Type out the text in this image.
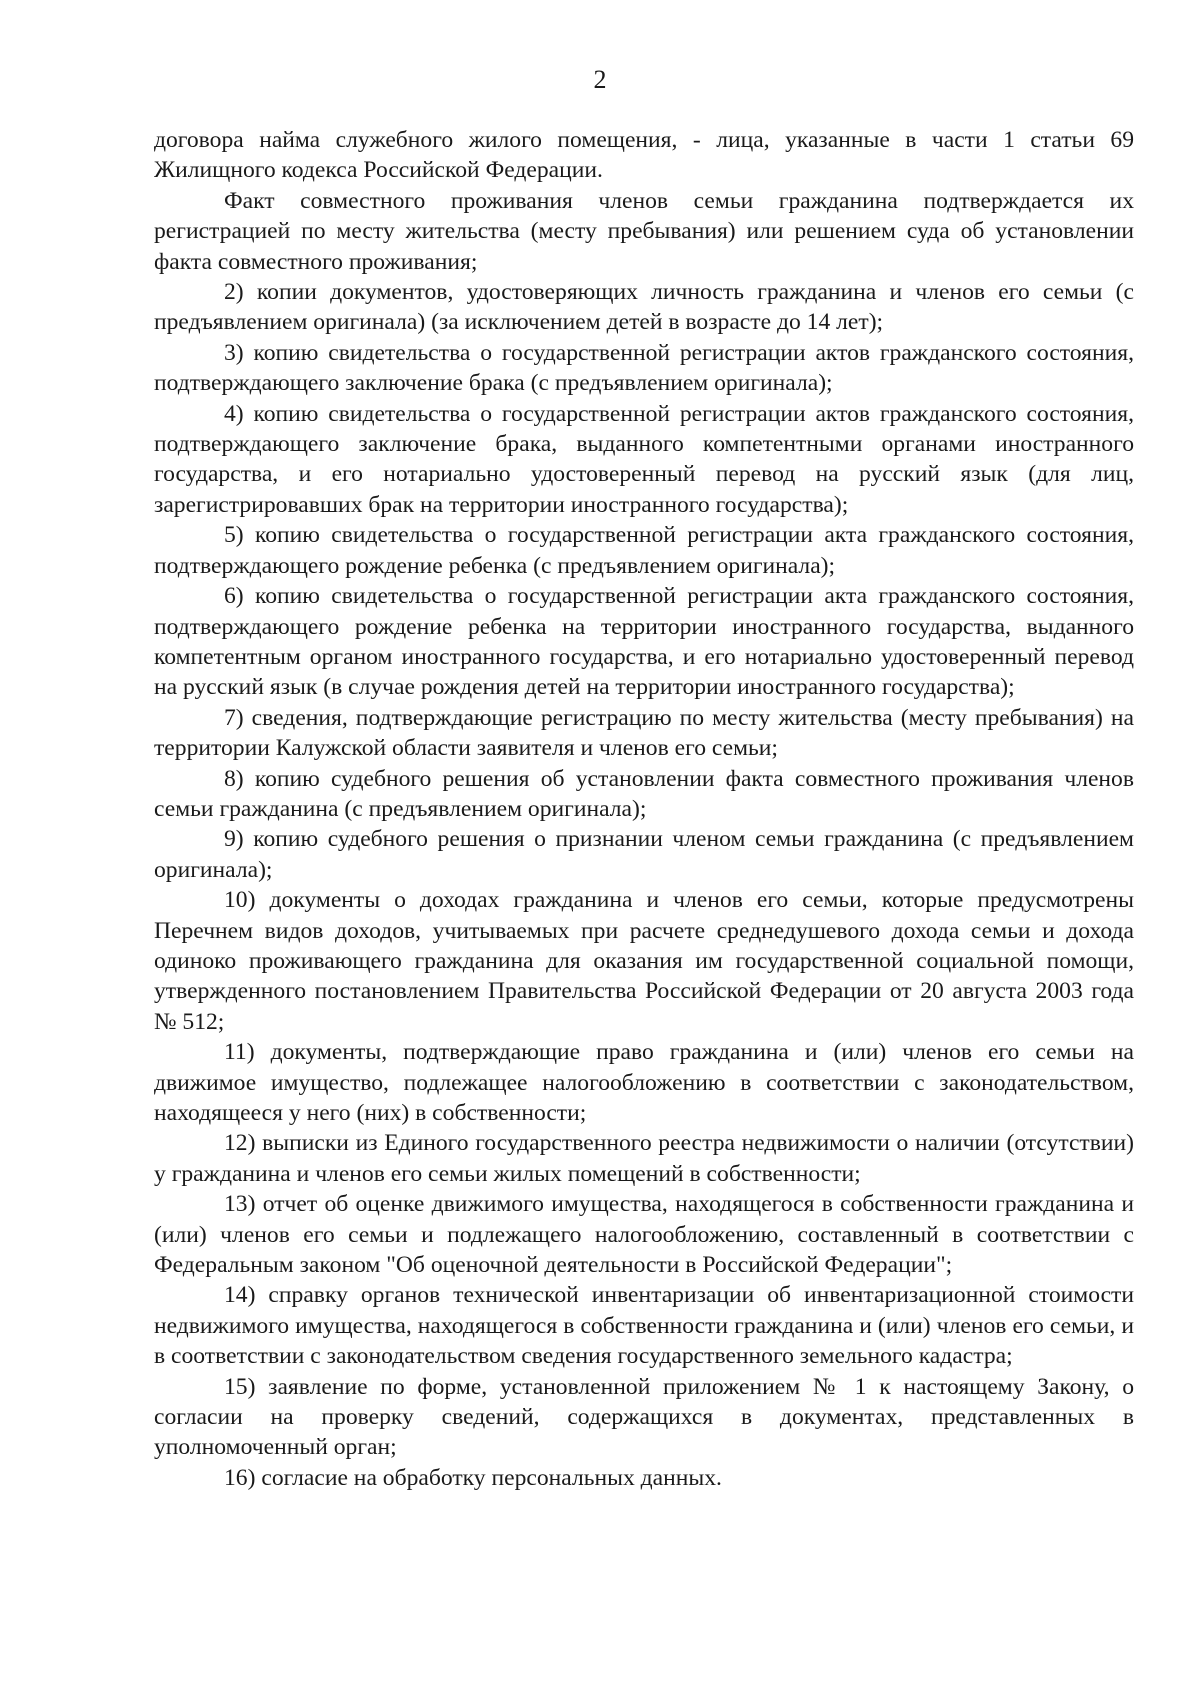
2

договора найма служебного жилого помещения, - лица, указанные в части 1 статьи 69 Жилищного кодекса Российской Федерации.

Факт совместного проживания членов семьи гражданина подтверждается их регистрацией по месту жительства (месту пребывания) или решением суда об установлении факта совместного проживания;

2) копии документов, удостоверяющих личность гражданина и членов его семьи (с предъявлением оригинала) (за исключением детей в возрасте до 14 лет);

3) копию свидетельства о государственной регистрации актов гражданского состояния, подтверждающего заключение брака (с предъявлением оригинала);

4) копию свидетельства о государственной регистрации актов гражданского состояния, подтверждающего заключение брака, выданного компетентными органами иностранного государства, и его нотариально удостоверенный перевод на русский язык (для лиц, зарегистрировавших брак на территории иностранного государства);

5) копию свидетельства о государственной регистрации акта гражданского состояния, подтверждающего рождение ребенка (с предъявлением оригинала);

6) копию свидетельства о государственной регистрации акта гражданского состояния, подтверждающего рождение ребенка на территории иностранного государства, выданного компетентным органом иностранного государства, и его нотариально удостоверенный перевод на русский язык (в случае рождения детей на территории иностранного государства);

7) сведения, подтверждающие регистрацию по месту жительства (месту пребывания) на территории Калужской области заявителя и членов его семьи;

8) копию судебного решения об установлении факта совместного проживания членов семьи гражданина (с предъявлением оригинала);

9) копию судебного решения о признании членом семьи гражданина (с предъявлением оригинала);

10) документы о доходах гражданина и членов его семьи, которые предусмотрены Перечнем видов доходов, учитываемых при расчете среднедушевого дохода семьи и дохода одиноко проживающего гражданина для оказания им государственной социальной помощи, утвержденного постановлением Правительства Российской Федерации от 20 августа 2003 года № 512;

11) документы, подтверждающие право гражданина и (или) членов его семьи на движимое имущество, подлежащее налогообложению в соответствии с законодательством, находящееся у него (них) в собственности;

12) выписки из Единого государственного реестра недвижимости о наличии (отсутствии) у гражданина и членов его семьи жилых помещений в собственности;

13) отчет об оценке движимого имущества, находящегося в собственности гражданина и (или) членов его семьи и подлежащего налогообложению, составленный в соответствии с Федеральным законом "Об оценочной деятельности в Российской Федерации";

14) справку органов технической инвентаризации об инвентаризационной стоимости недвижимого имущества, находящегося в собственности гражданина и (или) членов его семьи, и в соответствии с законодательством сведения государственного земельного кадастра;

15) заявление по форме, установленной приложением № 1 к настоящему Закону, о согласии на проверку сведений, содержащихся в документах, представленных в уполномоченный орган;

16) согласие на обработку персональных данных.
